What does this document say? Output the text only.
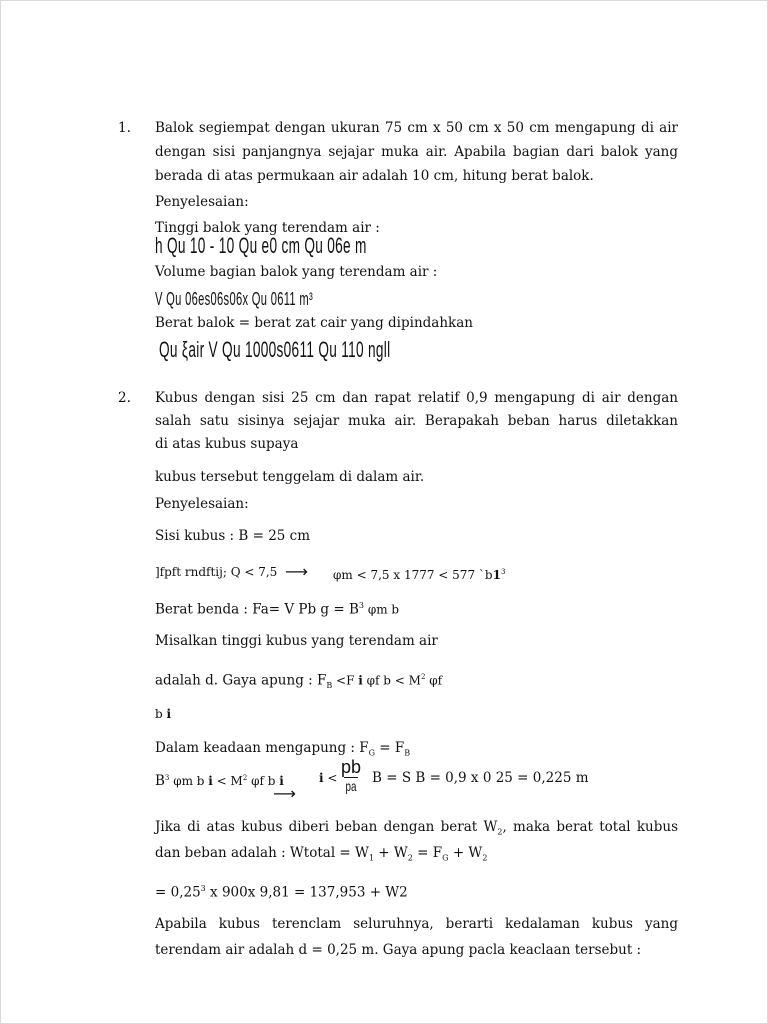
1. Balok segiempat dengan ukuran 75 cm x 50 cm x 50 cm mengapung di air
dengan sisi panjangnya sejajar muka air. Apabila bagian dari balok yang
berada di atas permukaan air adalah 10 cm, hitung berat balok.
Penyelesaian:
Tinggi balok yang terendam air :
h Qu 10 - 10 Qu e0 cm Qu 06e m
Volume bagian balok yang terendam air :
V Qu 06es06s06x Qu 0611 m³
Berat balok = berat zat cair yang dipindahkan
Qu ξair V Qu 1000s0611 Qu 110 ngll
2. Kubus dengan sisi 25 cm dan rapat relatif 0,9 mengapung di air dengan
salah satu sisinya sejajar muka air. Berapakah beban harus diletakkan
di atas kubus supaya
kubus tersebut tenggelam di dalam air.
Penyelesaian:
Sisi kubus : B = 25 cm
]fpft rndftij; Q < 7,5 ⟶ φm < 7,5 x 1777 < 577 $`b1^3$
Berat benda : Fa= V Pb $g = B^3$ φm b
Misalkan tinggi kubus yang terendam air
adalah d. Gaya apung : $F_B <F$ i φf $b < M^2$ φf
b i
Dalam keadaan mengapung : $F_G = F_B$
$B^3$ φm b $i < M^2$ φf b i
⟶
i <
pb
pa B = S B = 0,9 x 0 25 = 0,225 m
Jika di atas kubus diberi beban dengan berat $W_2$, maka berat total kubus
dan beban adalah : Wtotal = $W_1 + W_2 = F_G + W_2$
= $0,25^3$ x 900x 9,81 = 137,953 + W2
Apabila kubus terenclam seluruhnya, berarti kedalaman kubus yang
terendam air adalah d = 0,25 m. Gaya apung pacla keaclaan tersebut :
